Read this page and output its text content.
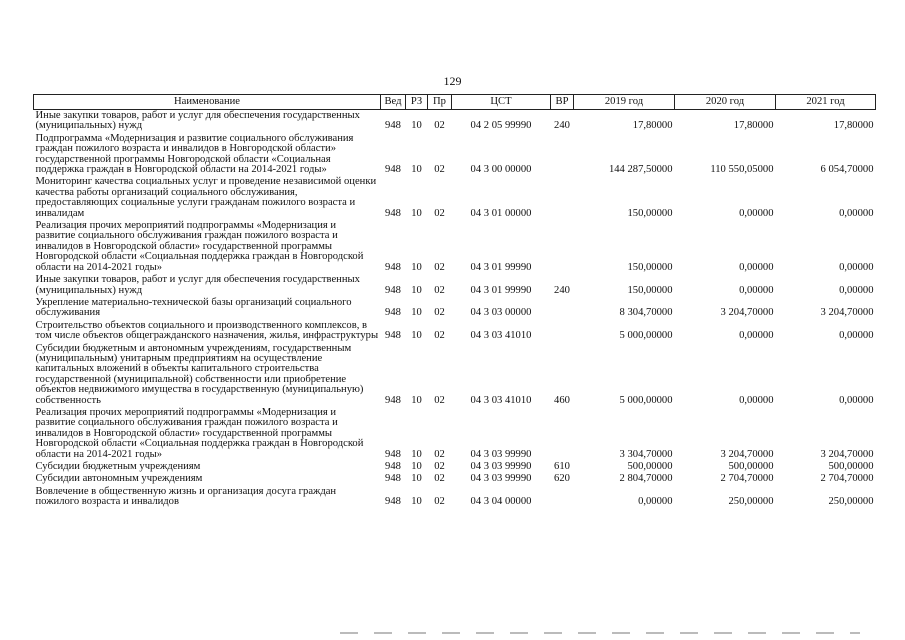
129
Наименование	Вед	РЗ	Пр	ЦСТ	ВР	2019 год	2020 год	2021 год
Иные закупки товаров, работ и услуг для обеспечения государственных (муниципальных) нужд	948	10	02	04 2 05 99990	240	17,80000	17,80000	17,80000
Подпрограмма «Модернизация и развитие социального обслуживания граждан пожилого возраста и инвалидов в Новгородской области» государственной программы Новгородской области «Социальная поддержка граждан в Новгородской области на 2014-2021 годы»	948	10	02	04 3 00 00000		144 287,50000	110 550,05000	6 054,70000
Мониторинг качества социальных услуг и проведение независимой оценки качества работы организаций социального обслуживания, предоставляющих социальные услуги гражданам пожилого возраста и инвалидам	948	10	02	04 3 01 00000		150,00000	0,00000	0,00000
Реализация прочих мероприятий подпрограммы «Модернизация и развитие социального обслуживания граждан пожилого возраста и инвалидов в Новгородской области» государственной программы Новгородской области «Социальная поддержка граждан в Новгородской области на 2014-2021 годы»	948	10	02	04 3 01 99990		150,00000	0,00000	0,00000
Иные закупки товаров, работ и услуг для обеспечения государственных (муниципальных) нужд	948	10	02	04 3 01 99990	240	150,00000	0,00000	0,00000
Укрепление материально-технической базы организаций социального обслуживания	948	10	02	04 3 03 00000		8 304,70000	3 204,70000	3 204,70000
Строительство объектов социального и производственного комплексов, в том числе объектов общегражданского назначения, жилья, инфраструктуры	948	10	02	04 3 03 41010		5 000,00000	0,00000	0,00000
Субсидии бюджетным и автономным учреждениям, государственным (муниципальным) унитарным предприятиям на осуществление капитальных вложений в объекты капитального строительства государственной (муниципальной) собственности или приобретение объектов недвижимого имущества в государственную (муниципальную) собственность	948	10	02	04 3 03 41010	460	5 000,00000	0,00000	0,00000
Реализация прочих мероприятий подпрограммы «Модернизация и развитие социального обслуживания граждан пожилого возраста и инвалидов в Новгородской области» государственной программы Новгородской области «Социальная поддержка граждан в Новгородской области на 2014-2021 годы»	948	10	02	04 3 03 99990		3 304,70000	3 204,70000	3 204,70000
Субсидии бюджетным учреждениям	948	10	02	04 3 03 99990	610	500,00000	500,00000	500,00000
Субсидии автономным учреждениям	948	10	02	04 3 03 99990	620	2 804,70000	2 704,70000	2 704,70000
Вовлечение в общественную жизнь и организация досуга граждан пожилого возраста и инвалидов	948	10	02	04 3 04 00000		0,00000	250,00000	250,00000
